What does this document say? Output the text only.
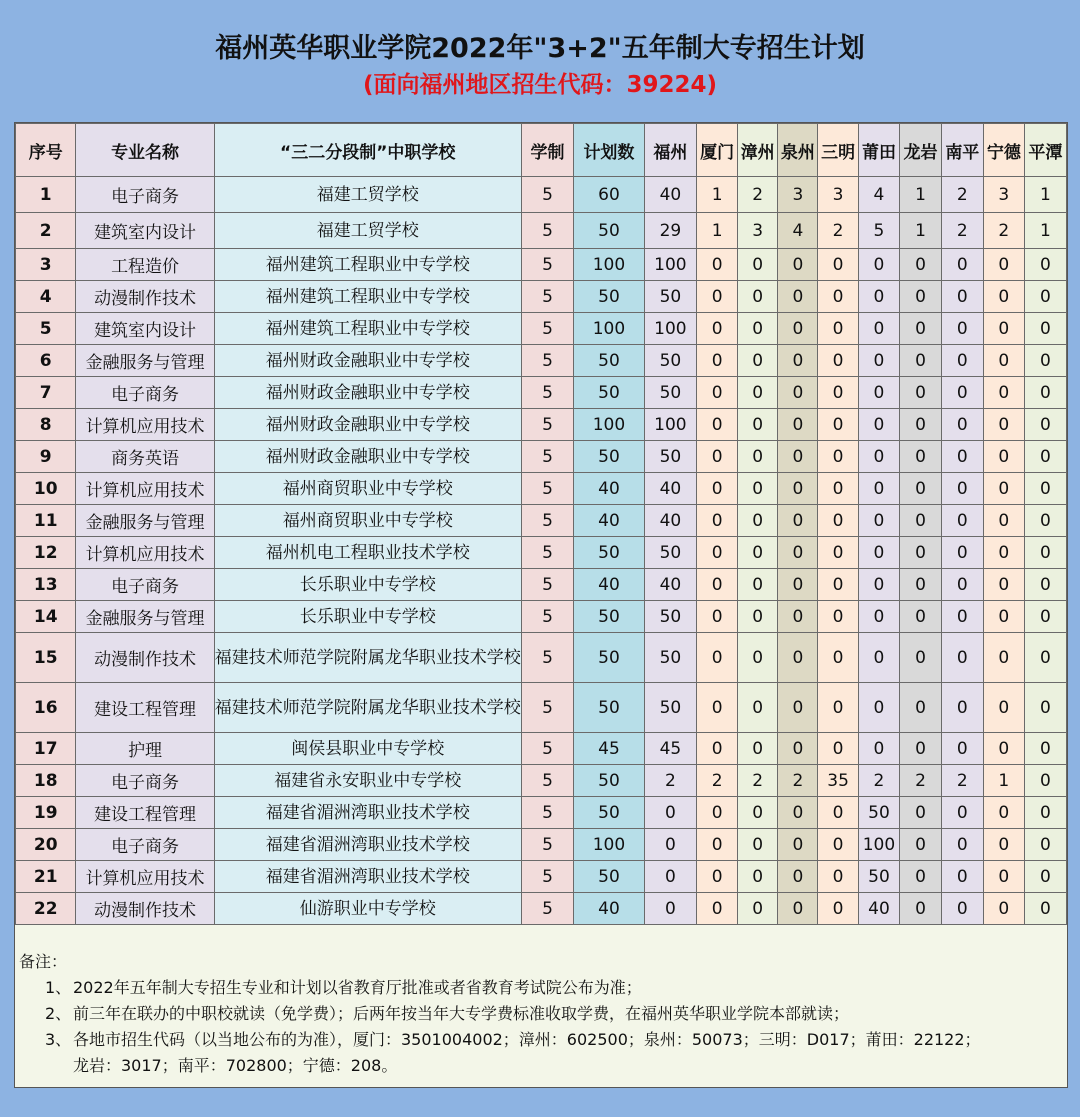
福州英华职业学院2022年"3+2"五年制大专招生计划
(面向福州地区招生代码：39224)
序号	专业名称	“三二分段制”中职学校	学制	计划数	福州	厦门	漳州	泉州	三明	莆田	龙岩	南平	宁德	平潭
1	电子商务	福建工贸学校	5	60	40	1	2	3	3	4	1	2	3	1
2	建筑室内设计	福建工贸学校	5	50	29	1	3	4	2	5	1	2	2	1
3	工程造价	福州建筑工程职业中专学校	5	100	100	0	0	0	0	0	0	0	0	0
4	动漫制作技术	福州建筑工程职业中专学校	5	50	50	0	0	0	0	0	0	0	0	0
5	建筑室内设计	福州建筑工程职业中专学校	5	100	100	0	0	0	0	0	0	0	0	0
6	金融服务与管理	福州财政金融职业中专学校	5	50	50	0	0	0	0	0	0	0	0	0
7	电子商务	福州财政金融职业中专学校	5	50	50	0	0	0	0	0	0	0	0	0
8	计算机应用技术	福州财政金融职业中专学校	5	100	100	0	0	0	0	0	0	0	0	0
9	商务英语	福州财政金融职业中专学校	5	50	50	0	0	0	0	0	0	0	0	0
10	计算机应用技术	福州商贸职业中专学校	5	40	40	0	0	0	0	0	0	0	0	0
11	金融服务与管理	福州商贸职业中专学校	5	40	40	0	0	0	0	0	0	0	0	0
12	计算机应用技术	福州机电工程职业技术学校	5	50	50	0	0	0	0	0	0	0	0	0
13	电子商务	长乐职业中专学校	5	40	40	0	0	0	0	0	0	0	0	0
14	金融服务与管理	长乐职业中专学校	5	50	50	0	0	0	0	0	0	0	0	0
15	动漫制作技术	福建技术师范学院附属龙华职业技术学校	5	50	50	0	0	0	0	0	0	0	0	0
16	建设工程管理	福建技术师范学院附属龙华职业技术学校	5	50	50	0	0	0	0	0	0	0	0	0
17	护理	闽侯县职业中专学校	5	45	45	0	0	0	0	0	0	0	0	0
18	电子商务	福建省永安职业中专学校	5	50	2	2	2	2	35	2	2	2	1	0
19	建设工程管理	福建省湄洲湾职业技术学校	5	50	0	0	0	0	0	50	0	0	0	0
20	电子商务	福建省湄洲湾职业技术学校	5	100	0	0	0	0	0	100	0	0	0	0
21	计算机应用技术	福建省湄洲湾职业技术学校	5	50	0	0	0	0	0	50	0	0	0	0
22	动漫制作技术	仙游职业中专学校	5	40	0	0	0	0	0	40	0	0	0	0
备注：
1、 2022年五年制大专招生专业和计划以省教育厅批准或者省教育考试院公布为准；
2、 前三年在联办的中职校就读（免学费）；后两年按当年大专学费标准收取学费，在福州英华职业学院本部就读；
3、 各地市招生代码（以当地公布的为准），厦门：3501004002；漳州：602500；泉州：50073；三明：D017；莆田：22122；
龙岩：3017；南平：702800；宁德：208。
